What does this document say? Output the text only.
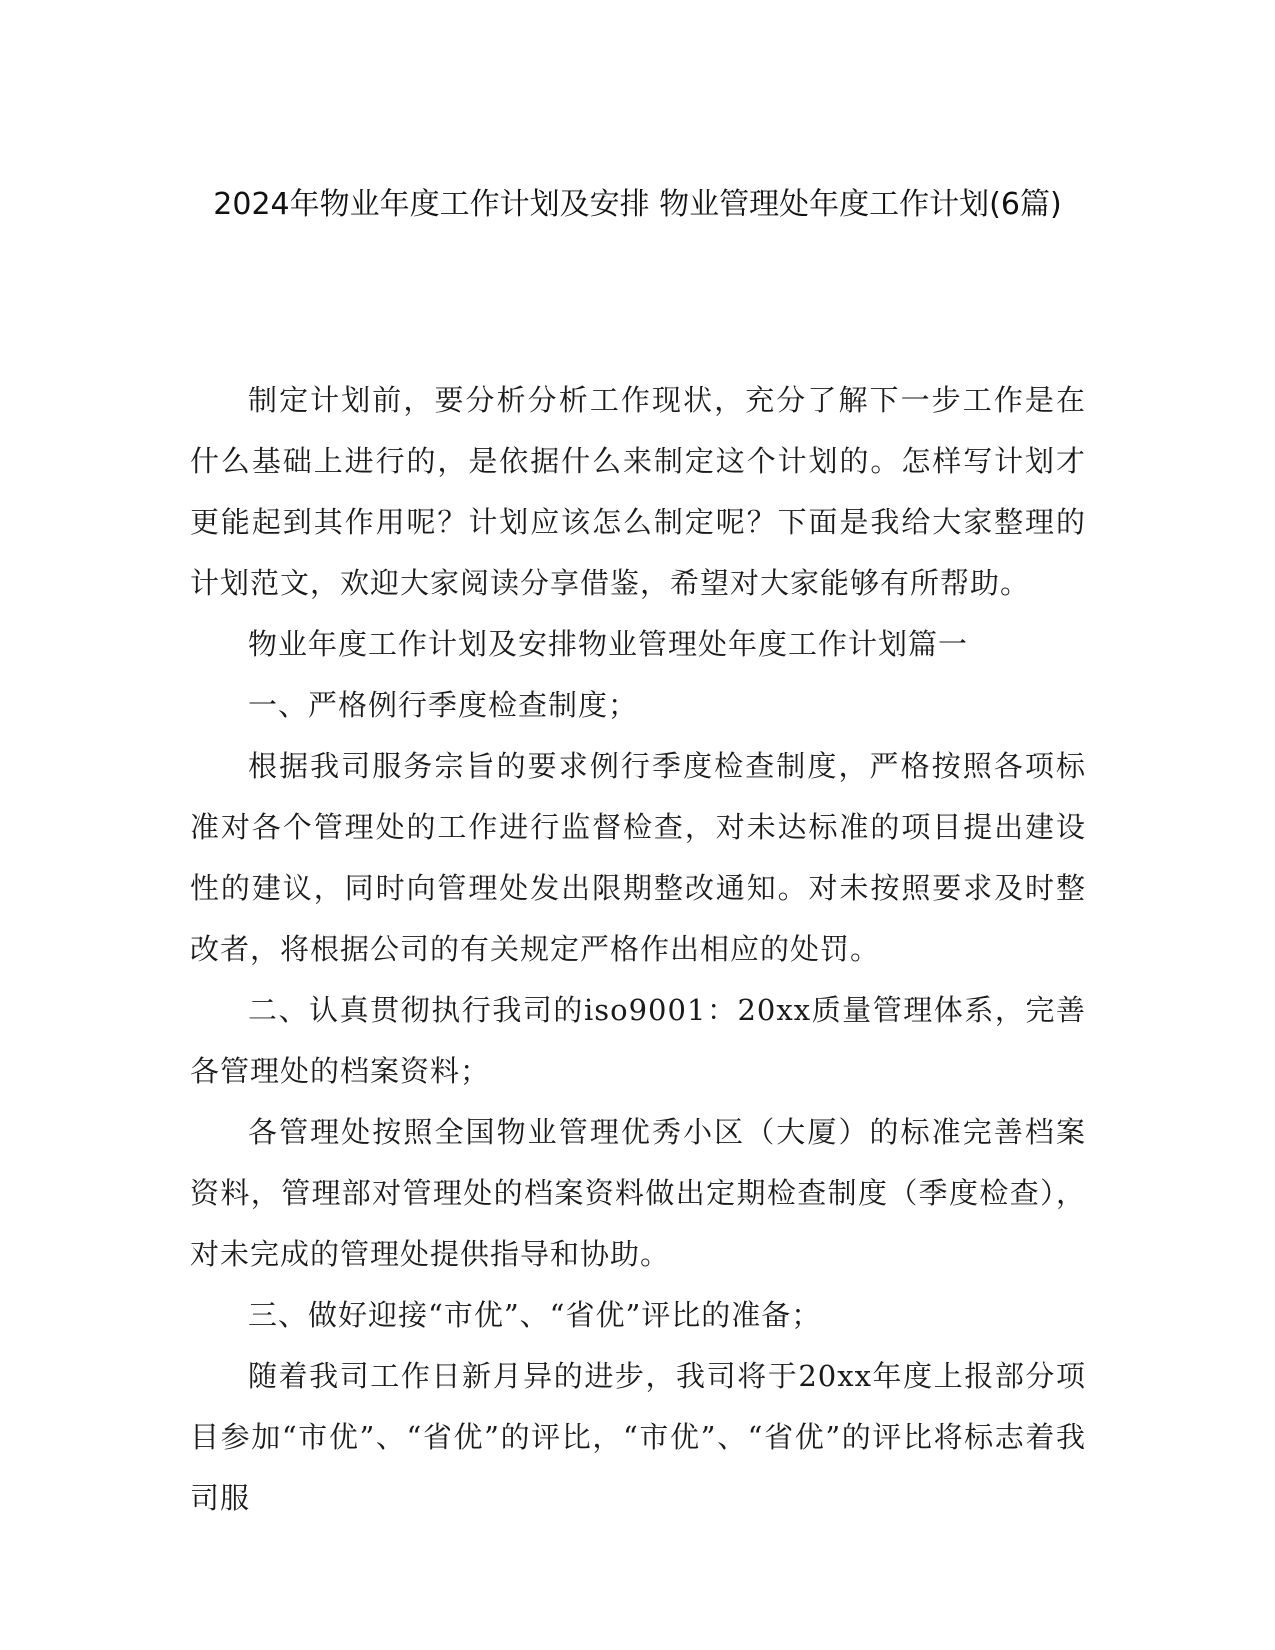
2024年物业年度工作计划及安排 物业管理处年度工作计划(6篇)

制定计划前，要分析分析工作现状，充分了解下一步工作是在什么基础上进行的，是依据什么来制定这个计划的。怎样写计划才更能起到其作用呢？计划应该怎么制定呢？下面是我给大家整理的计划范文，欢迎大家阅读分享借鉴，希望对大家能够有所帮助。

物业年度工作计划及安排物业管理处年度工作计划篇一

一、严格例行季度检查制度；

根据我司服务宗旨的要求例行季度检查制度，严格按照各项标准对各个管理处的工作进行监督检查，对未达标准的项目提出建设性的建议，同时向管理处发出限期整改通知。对未按照要求及时整改者，将根据公司的有关规定严格作出相应的处罚。

二、认真贯彻执行我司的iso9001：20xx质量管理体系，完善各管理处的档案资料；

各管理处按照全国物业管理优秀小区（大厦）的标准完善档案资料，管理部对管理处的档案资料做出定期检查制度（季度检查），对未完成的管理处提供指导和协助。

三、做好迎接“市优”、“省优”评比的准备；

随着我司工作日新月异的进步，我司将于20xx年度上报部分项目参加“市优”、“省优”的评比，“市优”、“省优”的评比将标志着我司服
